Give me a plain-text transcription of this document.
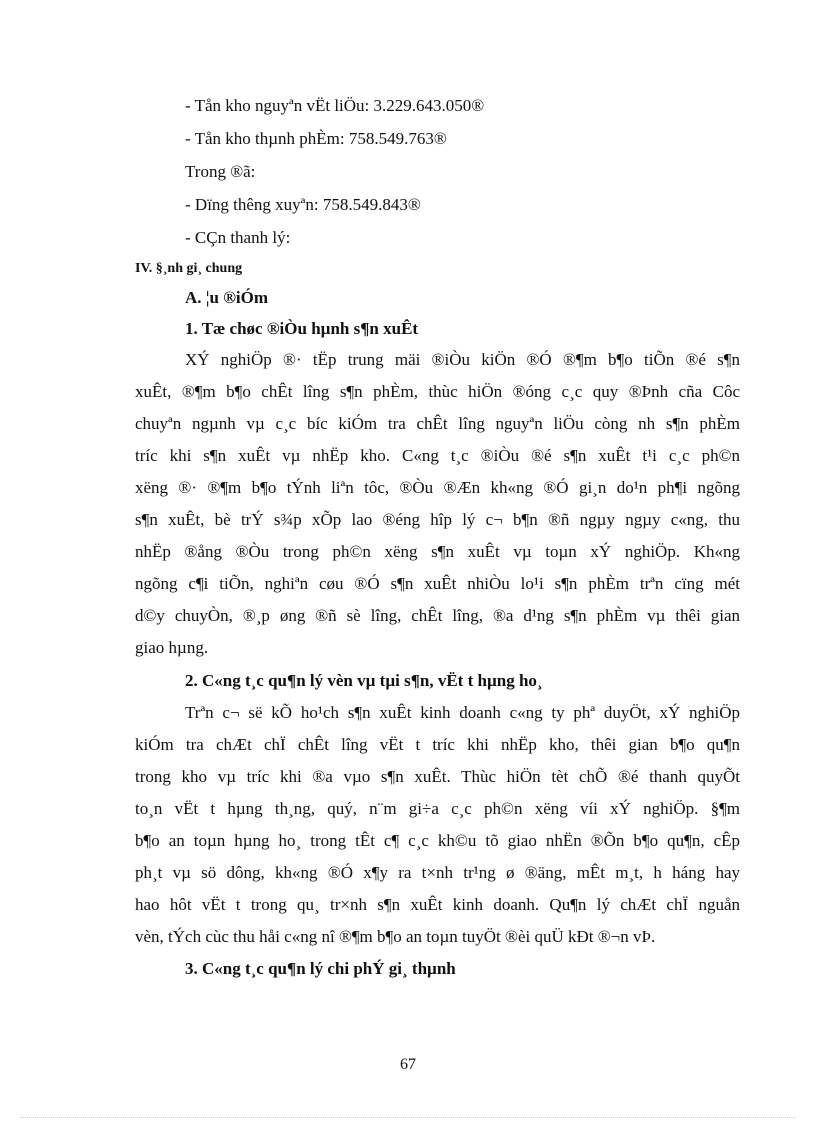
- Tån kho nguyªn vËt liÖu: 3.229.643.050®
- Tån kho thµnh phÈm: 758.549.763®
Trong ®ã:
- Dïng thêng xuyªn: 758.549.843®
- CÇn thanh lý:
IV. §¸nh gi¸ chung
A. ¦u ®iÓm
1. Tæ chøc ®iÒu hµnh s¶n xuÊt
XÝ nghiÖp ®· tËp trung mäi ®iÒu kiÖn ®Ó ®¶m b¶o tiÕn ®é s¶n
xuÊt, ®¶m b¶o chÊt lîng s¶n phÈm, thùc hiÖn ®óng c¸c quy ®Þnh cña Côc
chuyªn ngµnh vµ c¸c bíc kiÓm tra chÊt lîng nguyªn liÖu còng nh s¶n phÈm
tríc khi s¶n xuÊt vµ nhËp kho. C«ng t¸c ®iÒu ®é s¶n xuÊt t¹i c¸c ph©n
xëng ®· ®¶m b¶o tÝnh liªn tôc, ®Òu ®Æn kh«ng ®Ó gi¸n do¹n ph¶i ngõng
s¶n xuÊt, bè trÝ s¾p xÕp lao ®éng hîp lý c¬ b¶n ®ñ ngµy ngµy c«ng, thu
nhËp ®ång ®Òu trong ph©n xëng s¶n xuÊt vµ toµn xÝ nghiÖp. Kh«ng
ngõng c¶i tiÕn, nghiªn cøu ®Ó s¶n xuÊt nhiÒu lo¹i s¶n phÈm trªn cïng mét
d©y chuyÒn, ®¸p øng ®ñ sè lîng, chÊt lîng, ®a d¹ng s¶n phÈm vµ thêi gian
giao hµng.
2. C«ng t¸c qu¶n lý vèn vµ tµi s¶n, vËt t hµng ho¸
Trªn c¬ së kÕ ho¹ch s¶n xuÊt kinh doanh c«ng ty phª duyÖt, xÝ nghiÖp
kiÓm tra chÆt chÏ chÊt lîng vËt t tríc khi nhËp kho, thêi gian b¶o qu¶n
trong kho vµ tríc khi ®a vµo s¶n xuÊt. Thùc hiÖn tèt chÕ ®é thanh quyÕt
to¸n vËt t hµng th¸ng, quý, n¨m gi÷a c¸c ph©n xëng víi xÝ nghiÖp. §¶m
b¶o an toµn hµng ho¸ trong tÊt c¶ c¸c kh©u tõ giao nhËn ®Õn b¶o qu¶n, cÊp
ph¸t vµ sö dông, kh«ng ®Ó x¶y ra t×nh tr¹ng ø ®äng, mÊt m¸t, h háng hay
hao hôt vËt t trong qu¸ tr×nh s¶n xuÊt kinh doanh. Qu¶n lý chÆt chÏ nguån
vèn, tÝch cùc thu håi c«ng nî ®¶m b¶o an toµn tuyÖt ®èi quÜ kÐt ®¬n vÞ.
3. C«ng t¸c qu¶n lý chi phÝ gi¸ thµnh
67
